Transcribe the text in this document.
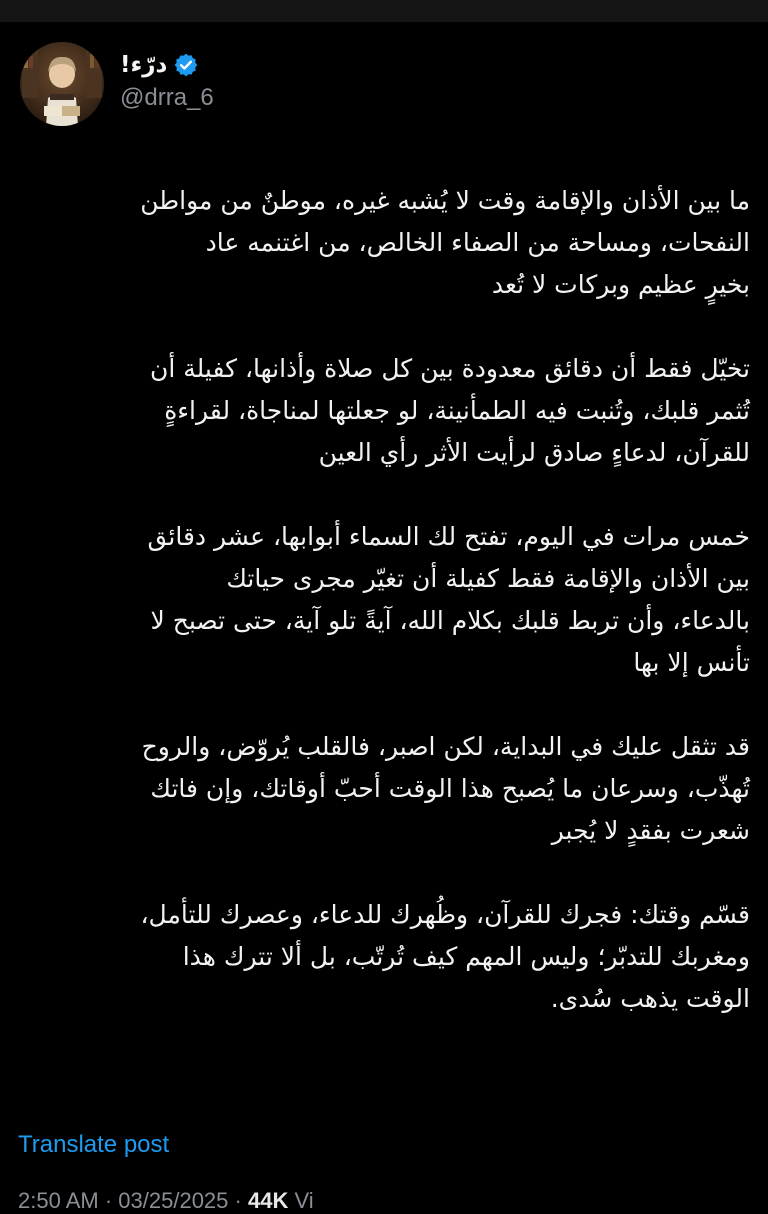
درّء!
@drra_6
ما بين الأذان والإقامة وقت لا يُشبه غيره، موطنٌ من مواطن
النفحات، ومساحة من الصفاء الخالص، من اغتنمه عاد
بخيرٍ عظيم وبركات لا تُعد
تخيّل فقط أن دقائق معدودة بين كل صلاة وأذانها، كفيلة أن
تُثمر قلبك، وتُنبت فيه الطمأنينة، لو جعلتها لمناجاة، لقراءةٍ
للقرآن، لدعاءٍ صادق لرأيت الأثر رأي العين
خمس مرات في اليوم، تفتح لك السماء أبوابها، عشر دقائق
بين الأذان والإقامة فقط كفيلة أن تغيّر مجرى حياتك
بالدعاء، وأن تربط قلبك بكلام الله، آيةً تلو آية، حتى تصبح لا
تأنس إلا بها
قد تثقل عليك في البداية، لكن اصبر، فالقلب يُروّض، والروح
تُهذّب، وسرعان ما يُصبح هذا الوقت أحبّ أوقاتك، وإن فاتك
شعرت بفقدٍ لا يُجبر
قسّم وقتك: فجرك للقرآن، وظُهرك للدعاء، وعصرك للتأمل،
ومغربك للتدبّر؛ وليس المهم كيف تُرتّب، بل ألا تترك هذا
الوقت يذهب سُدى.
Translate post
2:50 AM · 03/25/2025 · 44K Vi
